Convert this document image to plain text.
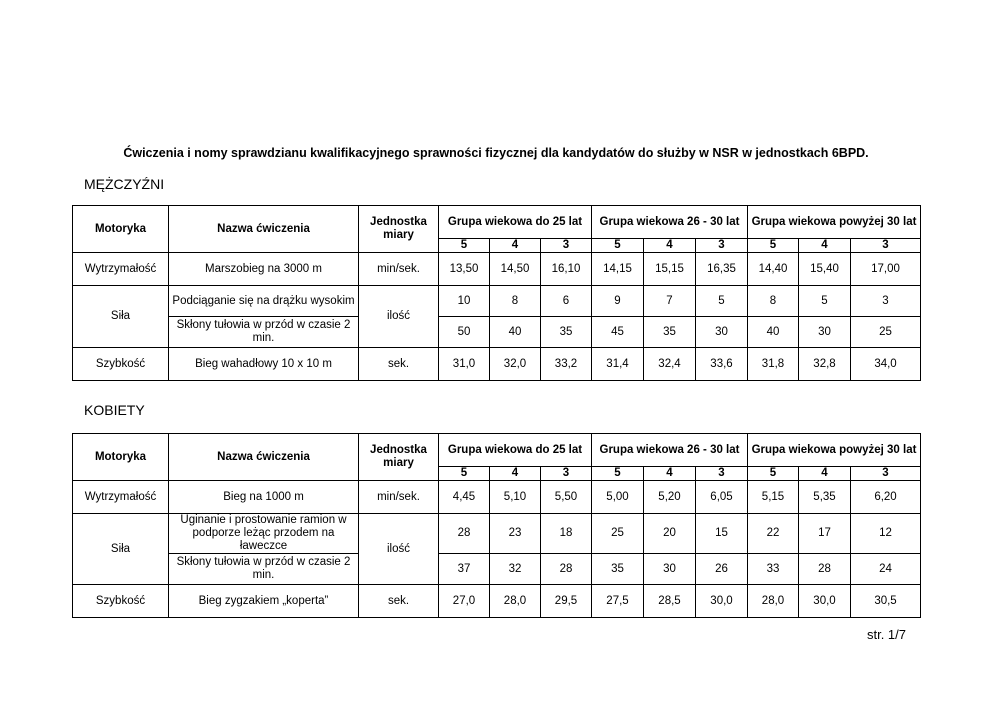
Ćwiczenia i nomy sprawdzianu kwalifikacyjnego sprawności fizycznej dla kandydatów do służby w NSR w jednostkach 6BPD.
MĘŻCZYŹNI
Motoryka	Nazwa ćwiczenia	Jednostka miary	Grupa wiekowa do 25 lat			Grupa wiekowa 26 - 30 lat			Grupa wiekowa powyżej 30 lat		
			5	4	3	5	4	3	5	4	3
Wytrzymałość	Marszobieg na 3000 m	min/sek.	13,50	14,50	16,10	14,15	15,15	16,35	14,40	15,40	17,00
Siła	Podciąganie się na drążku wysokim	ilość	10	8	6	9	7	5	8	5	3
	Skłony tułowia w przód w czasie 2 min.		50	40	35	45	35	30	40	30	25
Szybkość	Bieg wahadłowy 10 x 10 m	sek.	31,0	32,0	33,2	31,4	32,4	33,6	31,8	32,8	34,0
KOBIETY
Motoryka	Nazwa ćwiczenia	Jednostka miary	Grupa wiekowa do 25 lat			Grupa wiekowa 26 - 30 lat			Grupa wiekowa powyżej 30 lat		
			5	4	3	5	4	3	5	4	3
Wytrzymałość	Bieg na 1000 m	min/sek.	4,45	5,10	5,50	5,00	5,20	6,05	5,15	5,35	6,20
Siła	Uginanie i prostowanie ramion w podporze leżąc przodem na ławeczce	ilość	28	23	18	25	20	15	22	17	12
	Skłony tułowia w przód w czasie 2 min.		37	32	28	35	30	26	33	28	24
Szybkość	Bieg zygzakiem „koperta”	sek.	27,0	28,0	29,5	27,5	28,5	30,0	28,0	30,0	30,5
str. 1/7
